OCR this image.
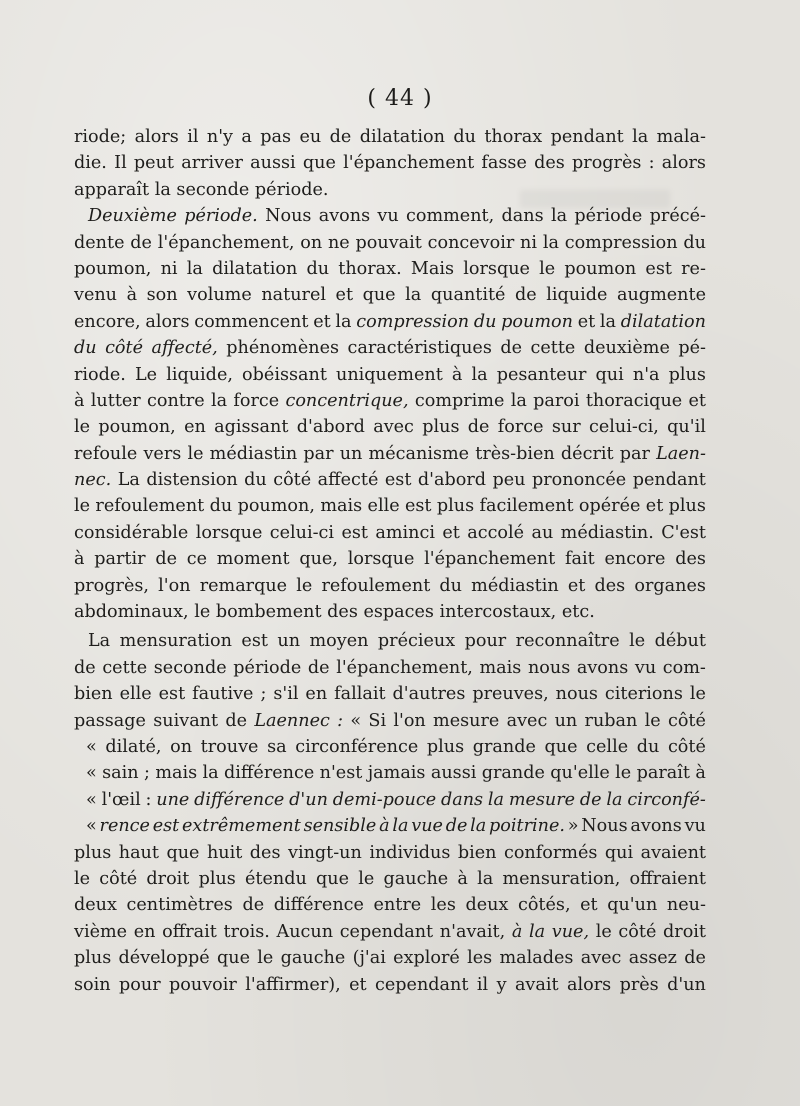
( 44 )
riode; alors il n'y a pas eu de dilatation du thorax pendant la mala-
die. Il peut arriver aussi que l'épanchement fasse des progrès : alors
apparaît la seconde période.
Deuxième période. Nous avons vu comment, dans la période précé-
dente de l'épanchement, on ne pouvait concevoir ni la compression du
poumon, ni la dilatation du thorax. Mais lorsque le poumon est re-
venu à son volume naturel et que la quantité de liquide augmente
encore, alors commencent et la compression du poumon et la dilatation
du côté affecté, phénomènes caractéristiques de cette deuxième pé-
riode. Le liquide, obéissant uniquement à la pesanteur qui n'a plus
à lutter contre la force concentrique, comprime la paroi thoracique et
le poumon, en agissant d'abord avec plus de force sur celui-ci, qu'il
refoule vers le médiastin par un mécanisme très-bien décrit par Laen-
nec. La distension du côté affecté est d'abord peu prononcée pendant
le refoulement du poumon, mais elle est plus facilement opérée et plus
considérable lorsque celui-ci est aminci et accolé au médiastin. C'est
à partir de ce moment que, lorsque l'épanchement fait encore des
progrès, l'on remarque le refoulement du médiastin et des organes
abdominaux, le bombement des espaces intercostaux, etc.
La mensuration est un moyen précieux pour reconnaître le début
de cette seconde période de l'épanchement, mais nous avons vu com-
bien elle est fautive ; s'il en fallait d'autres preuves, nous citerions le
passage suivant de Laennec : « Si l'on mesure avec un ruban le côté
« dilaté, on trouve sa circonférence plus grande que celle du côté
« sain ; mais la différence n'est jamais aussi grande qu'elle le paraît à
« l'œil : une différence d'un demi-pouce dans la mesure de la circonfé-
« rence est extrêmement sensible à la vue de la poitrine. » Nous avons vu
plus haut que huit des vingt-un individus bien conformés qui avaient
le côté droit plus étendu que le gauche à la mensuration, offraient
deux centimètres de différence entre les deux côtés, et qu'un neu-
vième en offrait trois. Aucun cependant n'avait, à la vue, le côté droit
plus développé que le gauche (j'ai exploré les malades avec assez de
soin pour pouvoir l'affirmer), et cependant il y avait alors près d'un
